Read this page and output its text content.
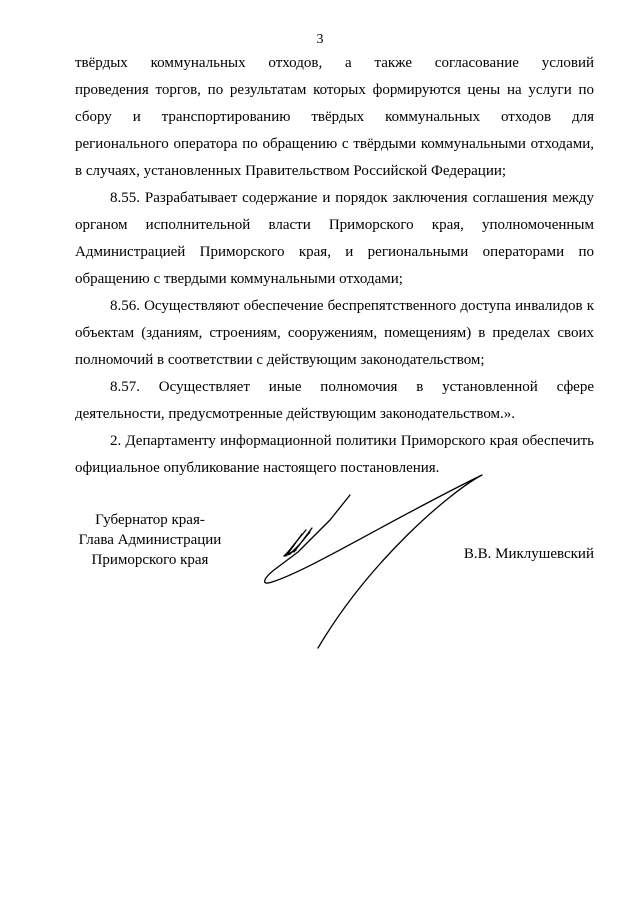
3

твёрдых коммунальных отходов, а также согласование условий
проведения торгов, по результатам которых формируются цены на услуги по
сбору и транспортированию твёрдых коммунальных отходов для
регионального оператора по обращению с твёрдыми коммунальными отходами,
в случаях, установленных Правительством Российской Федерации;

8.55. Разрабатывает содержание и порядок заключения соглашения между органом исполнительной власти Приморского края, уполномоченным Администрацией Приморского края, и региональными операторами по обращению с твердыми коммунальными отходами;

8.56. Осуществляют обеспечение беспрепятственного доступа инвалидов к объектам (зданиям, строениям, сооружениям, помещениям) в пределах своих полномочий в соответствии с действующим законодательством;

8.57. Осуществляет иные полномочия в установленной сфере деятельности, предусмотренные действующим законодательством.».

2. Департаменту информационной политики Приморского края обеспечить официальное опубликование настоящего постановления.

Губернатор края-
Глава Администрации
Приморского края	В.В. Миклушевский
